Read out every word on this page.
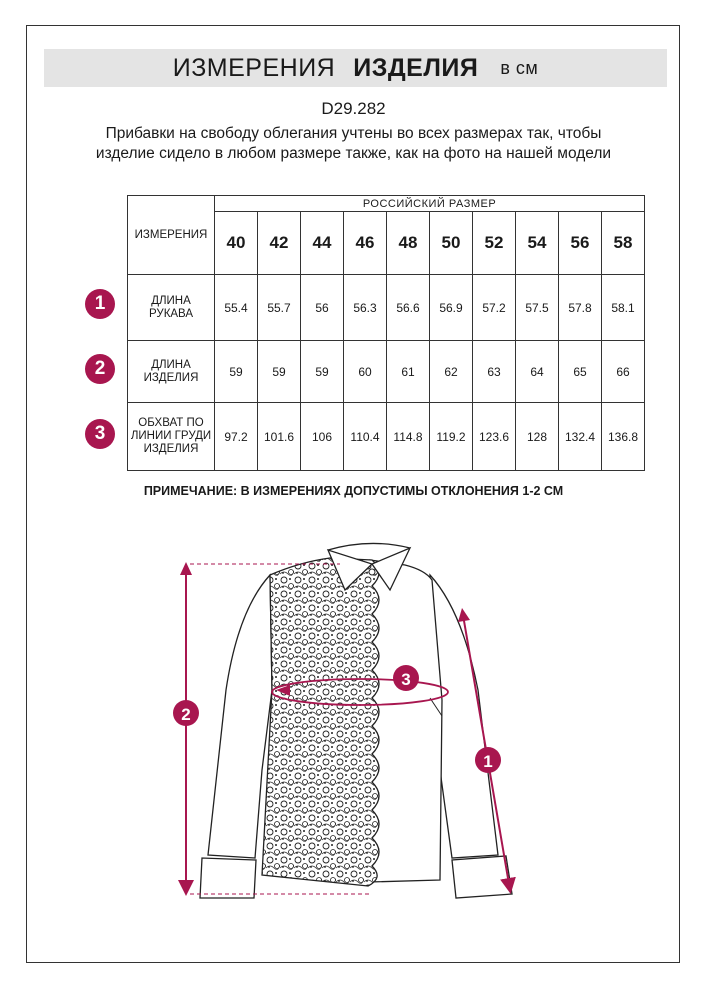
ИЗМЕРЕНИЯ ИЗДЕЛИЯ в см
D29.282
Прибавки на свободу облегания учтены во всех размерах так, чтобы изделие сидело в любом размере также, как на фото на нашей модели
ИЗМЕРЕНИЯ	РОССИЙСКИЙ РАЗМЕР									
	40	42	44	46	48	50	52	54	56	58
ДЛИНА РУКАВА	55.4	55.7	56	56.3	56.6	56.9	57.2	57.5	57.8	58.1
ДЛИНА ИЗДЕЛИЯ	59	59	59	60	61	62	63	64	65	66
ОБХВАТ ПО ЛИНИИ ГРУДИ ИЗДЕЛИЯ	97.2	101.6	106	110.4	114.8	119.2	123.6	128	132.4	136.8
1
2
3
ПРИМЕЧАНИЕ: В ИЗМЕРЕНИЯХ ДОПУСТИМЫ ОТКЛОНЕНИЯ 1-2 СМ
2
1
3
